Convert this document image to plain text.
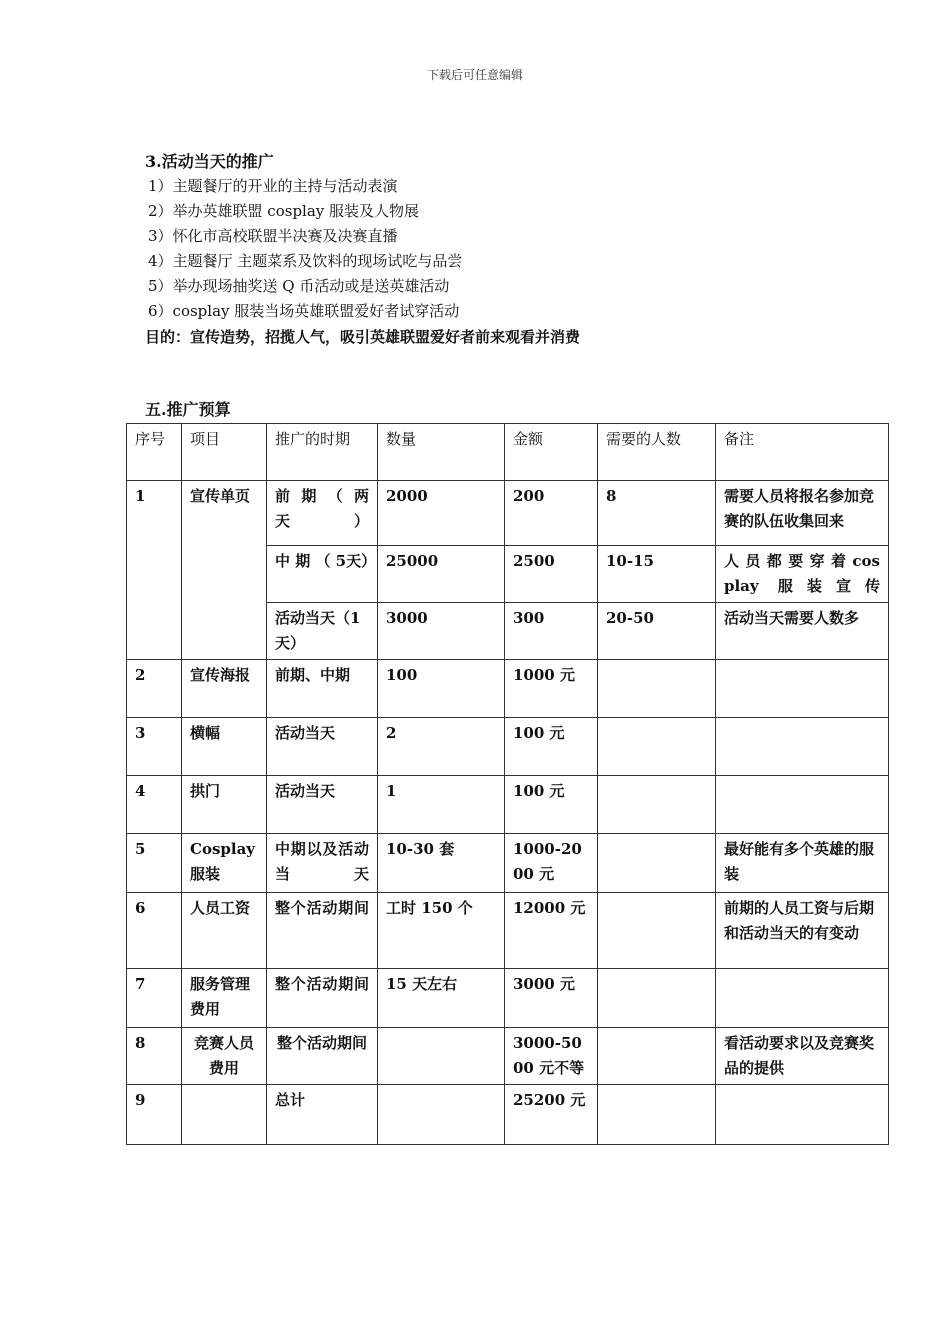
下载后可任意编辑

3.活动当天的推广

1）主题餐厅的开业的主持与活动表演
2）举办英雄联盟 cosplay 服装及人物展
3）怀化市高校联盟半决赛及决赛直播
4）主题餐厅 主题菜系及饮料的现场试吃与品尝
5）举办现场抽奖送 Q 币活动或是送英雄活动
6）cosplay 服装当场英雄联盟爱好者试穿活动
目的：宣传造势，招揽人气，吸引英雄联盟爱好者前来观看并消费
五.推广预算
序号	项目	推广的时期	数量	金额	需要的人数	备注
1	宣传单页	前 期 （ 两天）	2000	200	8	需要人员将报名参加竞赛的队伍收集回来
		中 期 （ 5天）	25000	2500	10-15	人 员 都 要 穿 着 cosplay 服装宣传
		活动当天（1天）	3000	300	20-50	活动当天需要人数多
2	宣传海报	前期、中期	100	1000 元		
3	横幅	活动当天	2	100 元		
4	拱门	活动当天	1	100 元		
5	Cosplay 服装	中期以及活动当天	10-30 套	1000-2000 元		最好能有多个英雄的服装
6	人员工资	整个活动期间	工时 150 个	12000 元		前期的人员工资与后期和活动当天的有变动
7	服务管理费用	整个活动期间	15 天左右	3000 元		
8	竞赛人员费用	整个活动期间		3000-5000 元不等		看活动要求以及竞赛奖品的提供
9		总计		25200 元		
